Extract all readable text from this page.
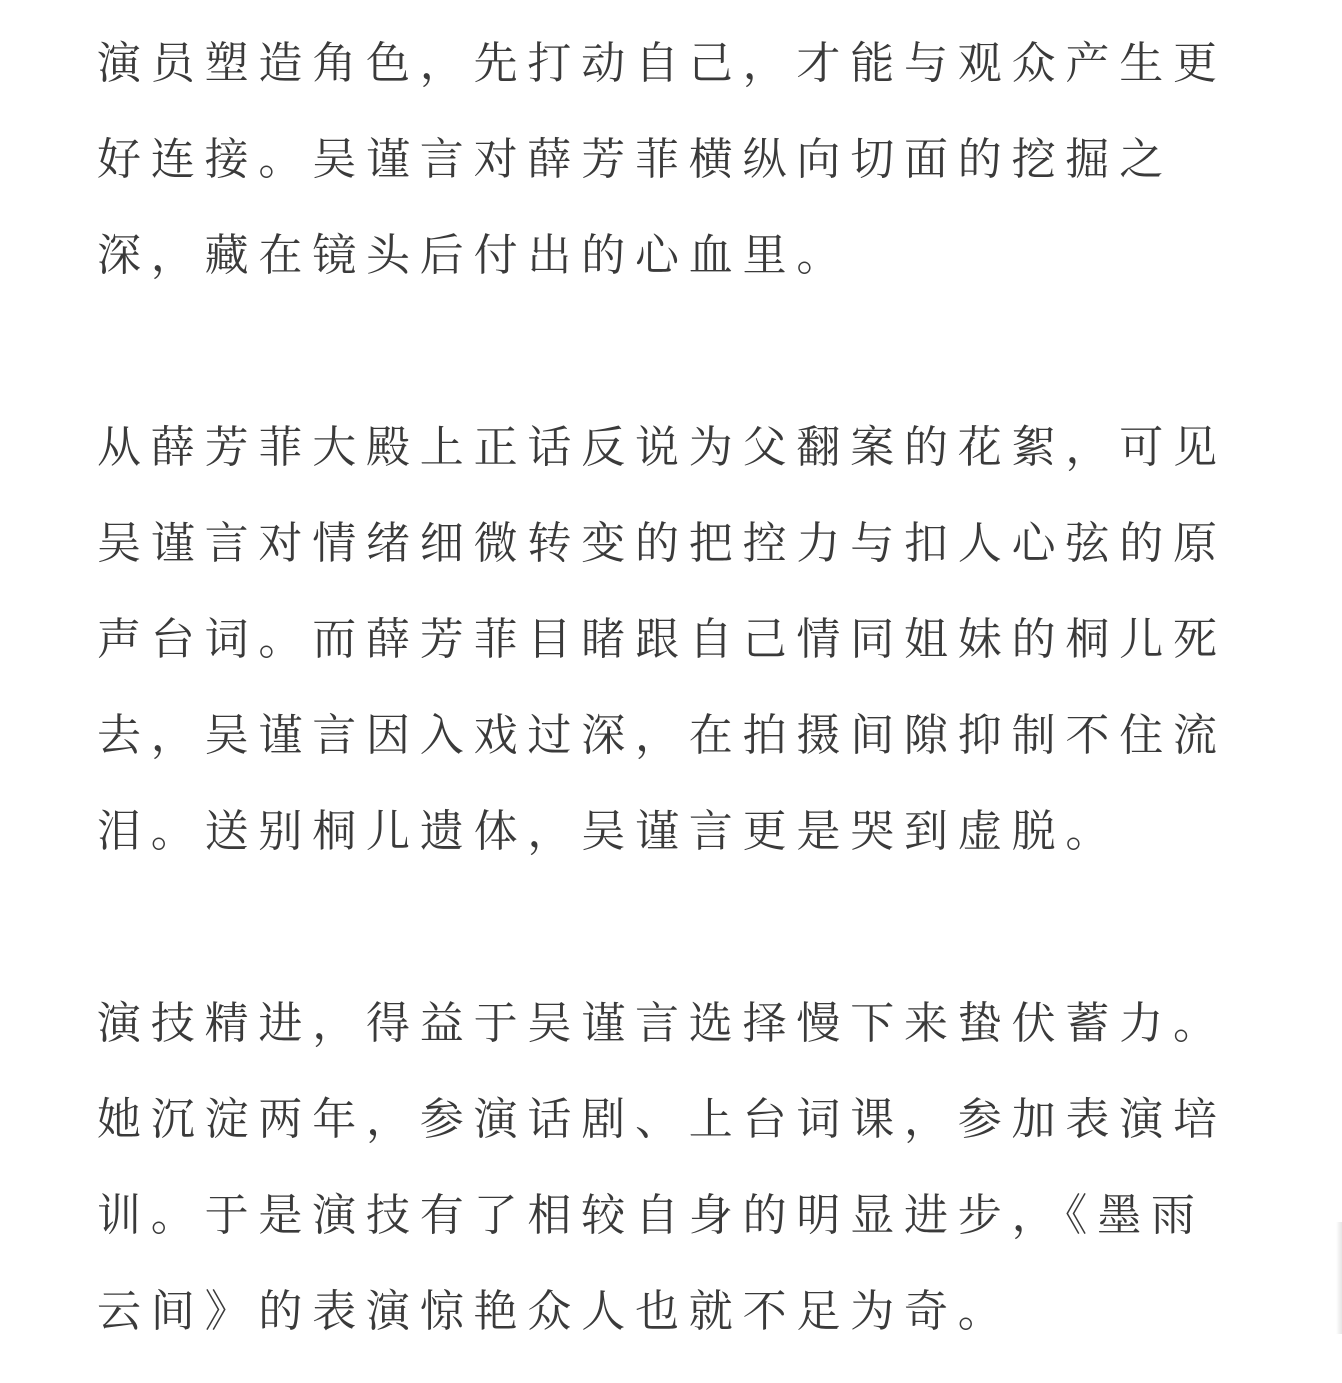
演员塑造角色，先打动自己，才能与观众产生更
好连接。吴谨言对薛芳菲横纵向切面的挖掘之
深，藏在镜头后付出的心血里。
从薛芳菲大殿上正话反说为父翻案的花絮，可见
吴谨言对情绪细微转变的把控力与扣人心弦的原
声台词。而薛芳菲目睹跟自己情同姐妹的桐儿死
去，吴谨言因入戏过深，在拍摄间隙抑制不住流
泪。送别桐儿遗体，吴谨言更是哭到虚脱。
演技精进，得益于吴谨言选择慢下来蛰伏蓄力。
她沉淀两年，参演话剧、上台词课，参加表演培
训。于是演技有了相较自身的明显进步，《墨雨
云间》的表演惊艳众人也就不足为奇。
